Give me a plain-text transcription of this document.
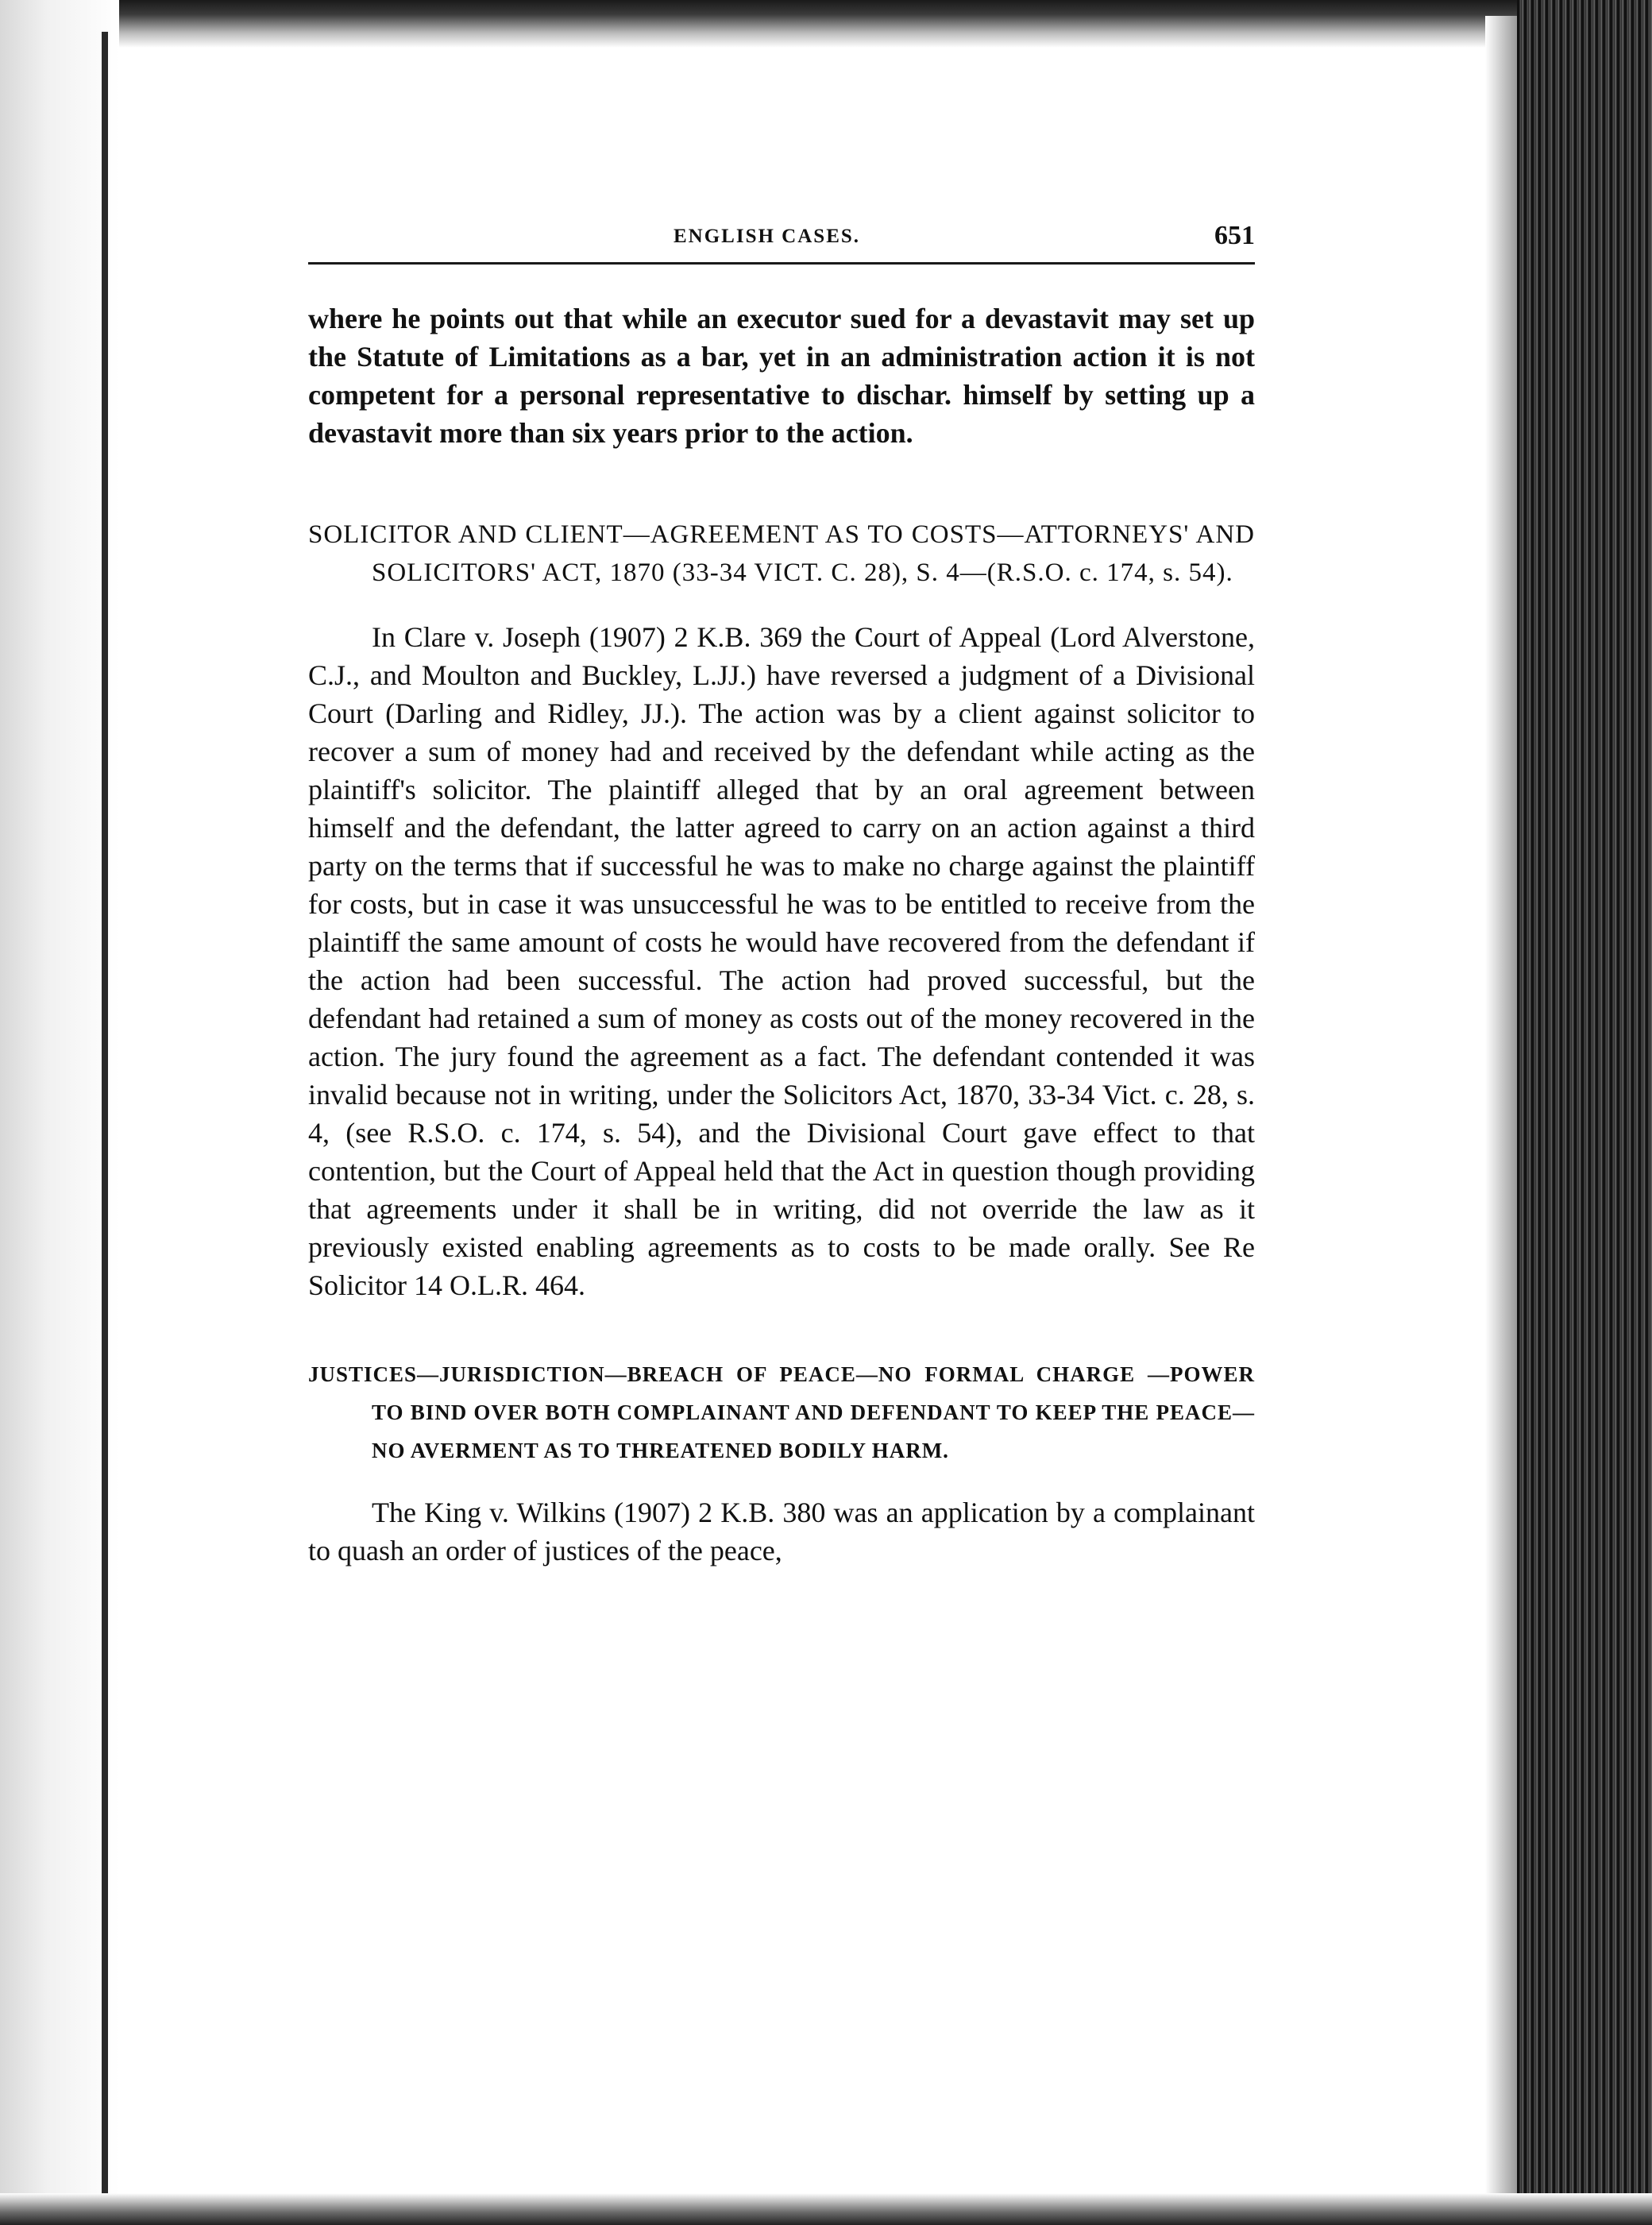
ENGLISH CASES.	651

where he points out that while an executor sued for a devastavit may set up the Statute of Limitations as a bar, yet in an administration action it is not competent for a personal representative to dischar. himself by setting up a devastavit more than six years prior to the action.

SOLICITOR AND CLIENT—AGREEMENT AS TO COSTS—ATTORNEYS' AND SOLICITORS' ACT, 1870 (33-34 VICT. C. 28), S. 4—(R.S.O. c. 174, s. 54).

In Clare v. Joseph (1907) 2 K.B. 369 the Court of Appeal (Lord Alverstone, C.J., and Moulton and Buckley, L.JJ.) have reversed a judgment of a Divisional Court (Darling and Ridley, JJ.). The action was by a client against solicitor to recover a sum of money had and received by the defendant while acting as the plaintiff's solicitor. The plaintiff alleged that by an oral agreement between himself and the defendant, the latter agreed to carry on an action against a third party on the terms that if successful he was to make no charge against the plaintiff for costs, but in case it was unsuccessful he was to be entitled to receive from the plaintiff the same amount of costs he would have recovered from the defendant if the action had been successful. The action had proved successful, but the defendant had retained a sum of money as costs out of the money recovered in the action. The jury found the agreement as a fact. The defendant contended it was invalid because not in writing, under the Solicitors Act, 1870, 33-34 Vict. c. 28, s. 4, (see R.S.O. c. 174, s. 54), and the Divisional Court gave effect to that contention, but the Court of Appeal held that the Act in question though providing that agreements under it shall be in writing, did not override the law as it previously existed enabling agreements as to costs to be made orally. See Re Solicitor 14 O.L.R. 464.

JUSTICES—JURISDICTION—BREACH OF PEACE—NO FORMAL CHARGE —POWER TO BIND OVER BOTH COMPLAINANT AND DEFENDANT TO KEEP THE PEACE—NO AVERMENT AS TO THREATENED BODILY HARM.

The King v. Wilkins (1907) 2 K.B. 380 was an application by a complainant to quash an order of justices of the peace,
